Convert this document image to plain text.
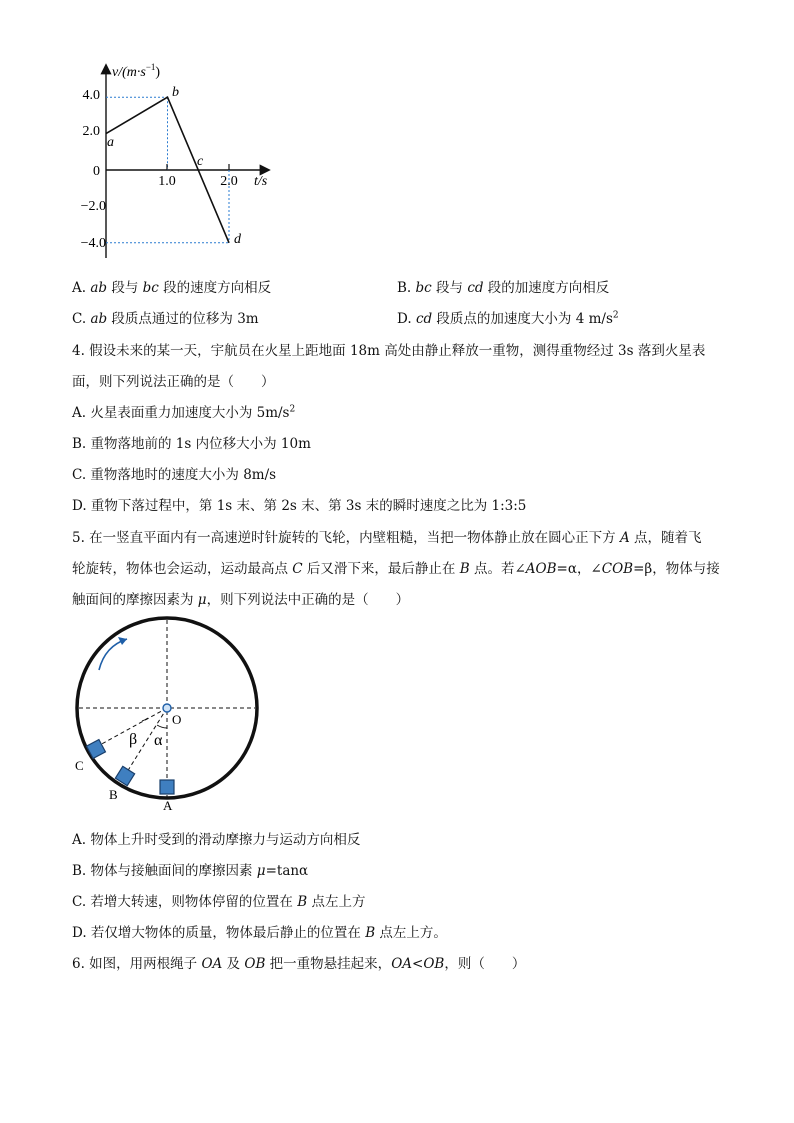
$v/(m\cdot s^{-1})$
t/s
4.0
2.0
0
−2.0
−4.0
1.0	2.0
a
b
c
d
A. ab 段与 bc 段的速度方向相反	B. bc 段与 cd 段的加速度方向相反
C. ab 段质点通过的位移为 3m	D. cd 段质点的加速度大小为 4 $m/s^2$
4. 假设未来的某一天，宇航员在火星上距地面 18m 高处由静止释放一重物，测得重物经过 3s 落到火星表
面，则下列说法正确的是（　　）
A. 火星表面重力加速度大小为 $5m/s^2$
B. 重物落地前的 1s 内位移大小为 10m
C. 重物落地时的速度大小为 8m/s
D. 重物下落过程中，第 1s 末、第 2s 末、第 3s 末的瞬时速度之比为 1:3:5
5. 在一竖直平面内有一高速逆时针旋转的飞轮，内壁粗糙，当把一物体静止放在圆心正下方 A 点，随着飞
轮旋转，物体也会运动，运动最高点 C 后又滑下来，最后静止在 B 点。若∠AOB=α，∠COB=β，物体与接
触面间的摩擦因素为 μ，则下列说法中正确的是（　　）
O
α
β
C
B
A
A. 物体上升时受到的滑动摩擦力与运动方向相反
B. 物体与接触面间的摩擦因素 μ=tanα
C. 若增大转速，则物体停留的位置在 B 点左上方
D. 若仅增大物体的质量，物体最后静止的位置在 B 点左上方。
6. 如图，用两根绳子 OA 及 OB 把一重物悬挂起来，OA<OB，则（　　）
